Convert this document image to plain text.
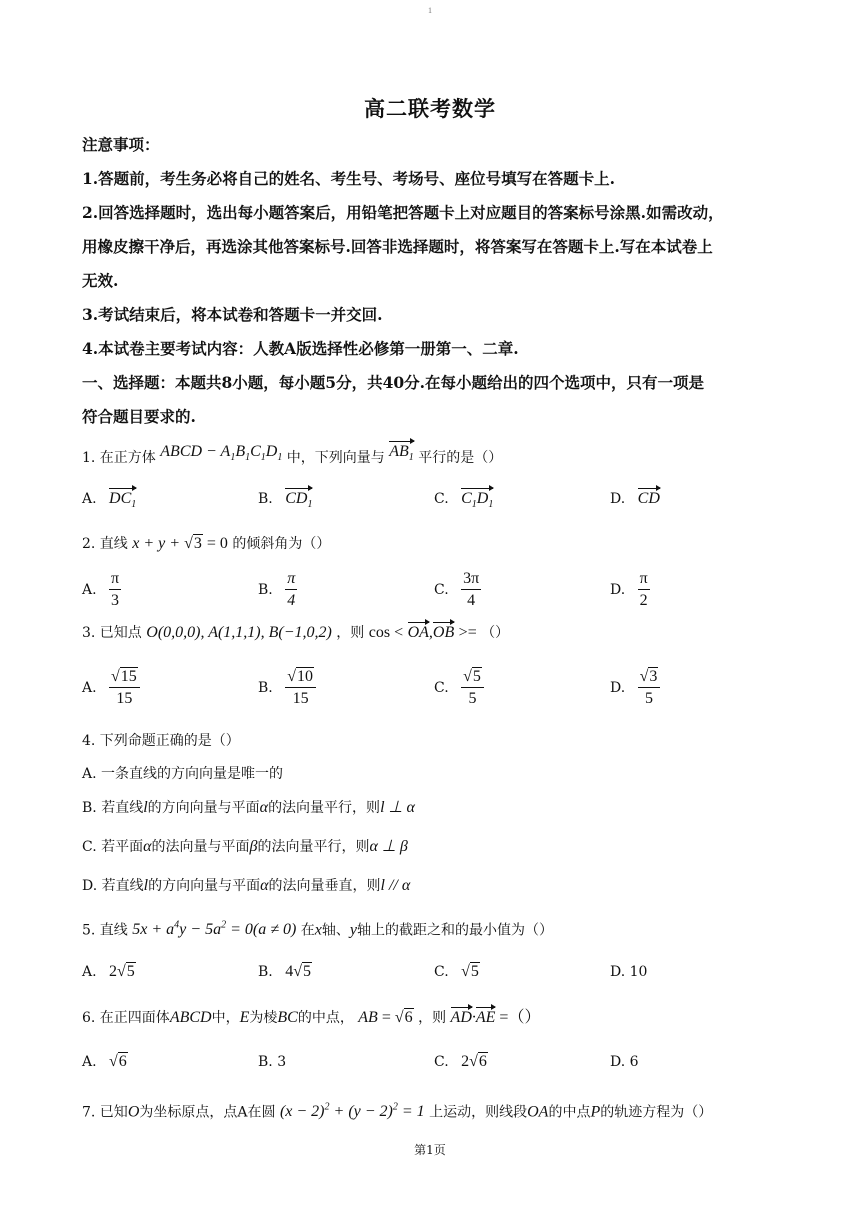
1
高二联考数学
注意事项：
1.答题前，考生务必将自己的姓名、考生号、考场号、座位号填写在答题卡上.
2.回答选择题时，选出每小题答案后，用铅笔把答题卡上对应题目的答案标号涂黑.如需改动，
用橡皮擦干净后，再选涂其他答案标号.回答非选择题时，将答案写在答题卡上.写在本试卷上
无效.
3.考试结束后，将本试卷和答题卡一并交回.
4.本试卷主要考试内容：人教A版选择性必修第一册第一、二章.
一、选择题：本题共8小题，每小题5分，共40分.在每小题给出的四个选项中，只有一项是
符合题目要求的.
1. 在正方体 ABCD − $A_1B_1C_1D_1$ 中，下列向量与 $AB_1$ 平行的是（）
A. $DC_1$	B. $CD_1$	C. $C_1D_1$	D. CD
2. 直线 x + y + √3 = 0 的倾斜角为（）
A. $\frac{\pi}{3}$	B. $\frac{\pi}{4}$	C. $\frac{3\pi}{4}$	D. $\frac{\pi}{2}$
3. 已知点 O(0,0,0), A(1,1,1), B(−1,0,2) ，则 cos < OA,OB >= （）
A. $\frac{√15}{15}$	B. $\frac{√10}{15}$	C. $\frac{√5}{5}$	D. $\frac{√3}{5}$
4. 下列命题正确的是（）
A. 一条直线的方向向量是唯一的
B. 若直线l的方向向量与平面α的法向量平行，则l ⊥ α
C. 若平面α的法向量与平面β的法向量平行，则α ⊥ β
D. 若直线l的方向向量与平面α的法向量垂直，则l // α
5. 直线 $5x + a^4y - 5a^2 = 0(a \ne 0)$ 在x轴、y轴上的截距之和的最小值为（）
A. 2√5	B. 4√5	C. √5	D. 10
6. 在正四面体ABCD中，E为棱BC的中点， AB = √6 ，则 AD·AE =（）
A. √6	B. 3	C. 2√6	D. 6
7. 已知O为坐标原点，点A在圆 $(x - 2)^2 + (y - 2)^2 = 1$ 上运动，则线段OA的中点P的轨迹方程为（）
第1页
